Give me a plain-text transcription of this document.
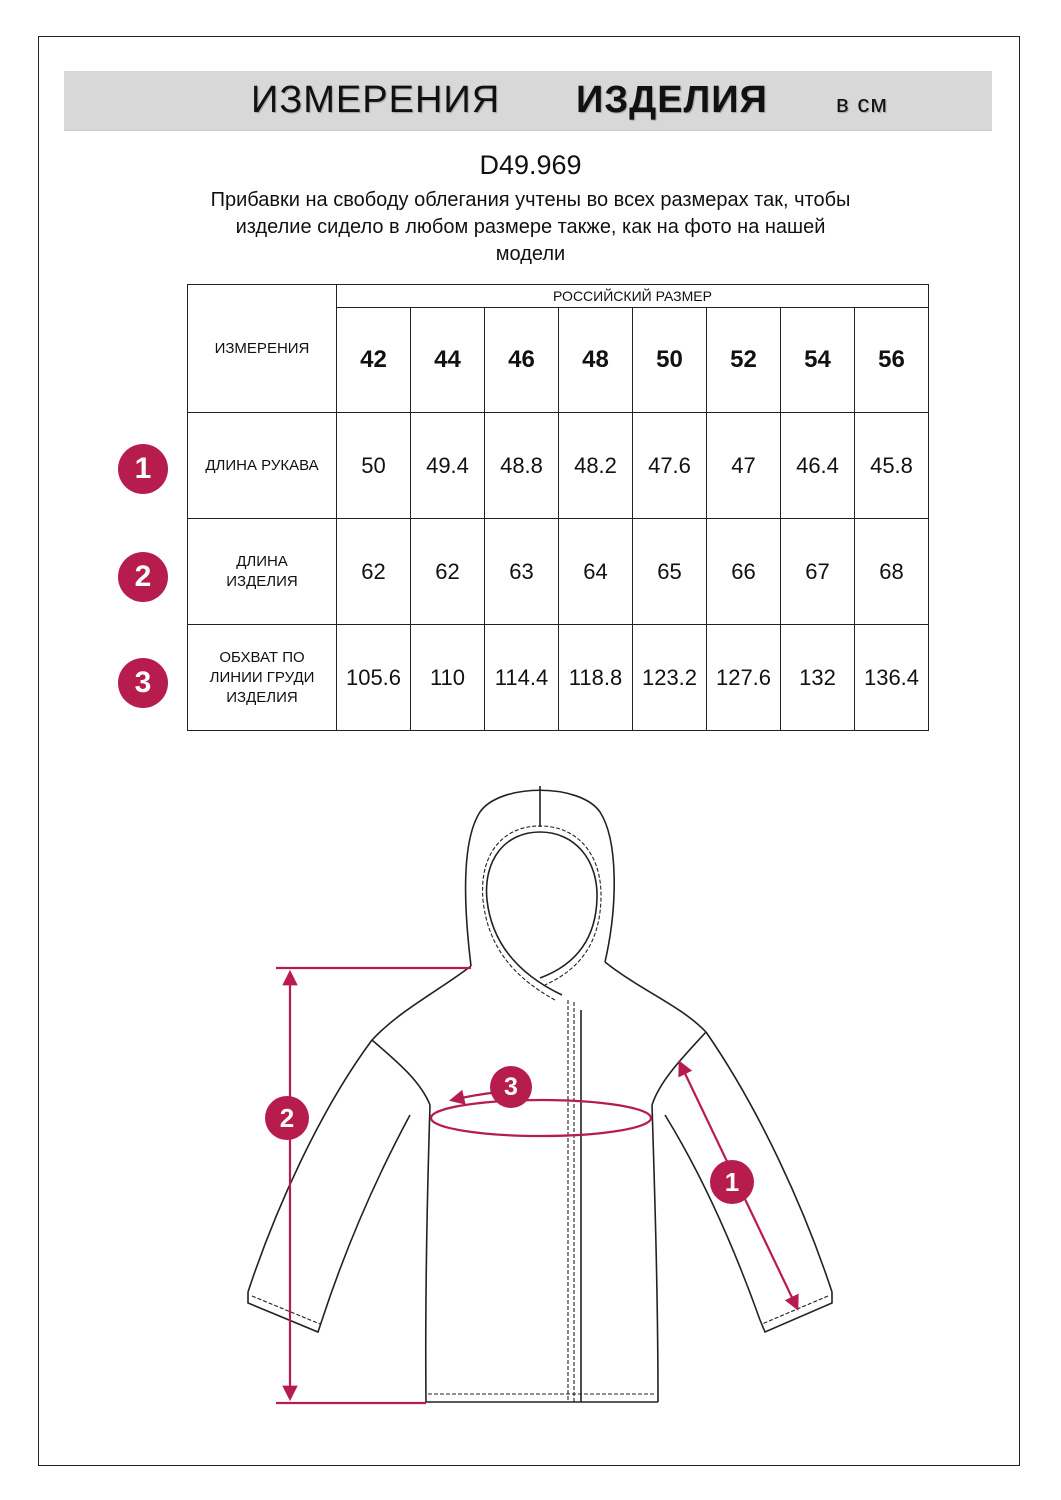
ИЗМЕРЕНИЯ ИЗДЕЛИЯ	в см
D49.969
Прибавки на свободу облегания учтены во всех размерах так, чтобы
изделие сидело в любом размере также, как на фото на нашей
модели
ИЗМЕРЕНИЯ	РОССИЙСКИЙ РАЗМЕР							
	42	44	46	48	50	52	54	56

ДЛИНА РУКАВА	50	49.4	48.8	48.2	47.6	47	46.4	45.8

ДЛИНА
ИЗДЕЛИЯ	62	62	63	64	65	66	67	68

ОБХВАТ ПО
ЛИНИИ ГРУДИ
ИЗДЕЛИЯ	105.6	110	114.4	118.8	123.2	127.6	132	136.4
1
2
3
2
3
1
